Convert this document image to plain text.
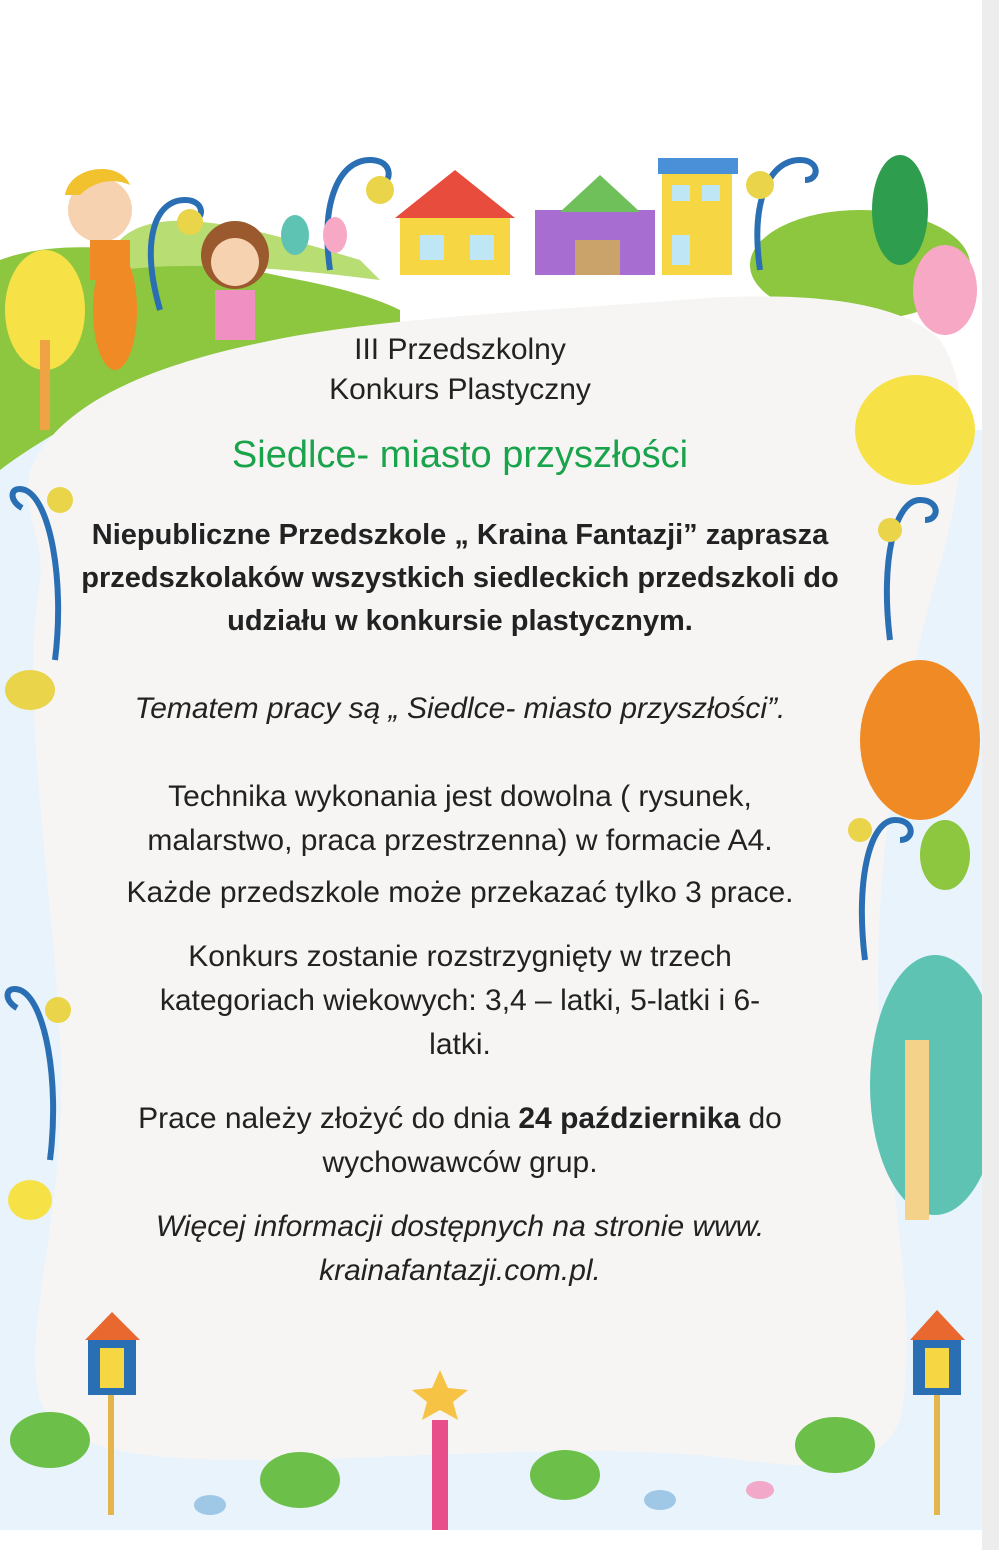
III Przedszkolny
Konkurs Plastyczny
Siedlce- miasto przyszłości
Niepubliczne Przedszkole „ Kraina Fantazji” zaprasza przedszkolaków wszystkich siedleckich przedszkoli do udziału w konkursie plastycznym.
Tematem pracy są „ Siedlce- miasto przyszłości”.
Technika wykonania jest dowolna ( rysunek,
malarstwo, praca przestrzenna) w formacie A4.
Każde przedszkole może przekazać tylko 3 prace.
Konkurs zostanie rozstrzygnięty w trzech
kategoriach wiekowych: 3,4 – latki, 5-latki i 6-
latki.
Prace należy złożyć do dnia 24 października do
wychowawców grup.
Więcej informacji dostępnych na stronie www.
krainafantazji.com.pl.
